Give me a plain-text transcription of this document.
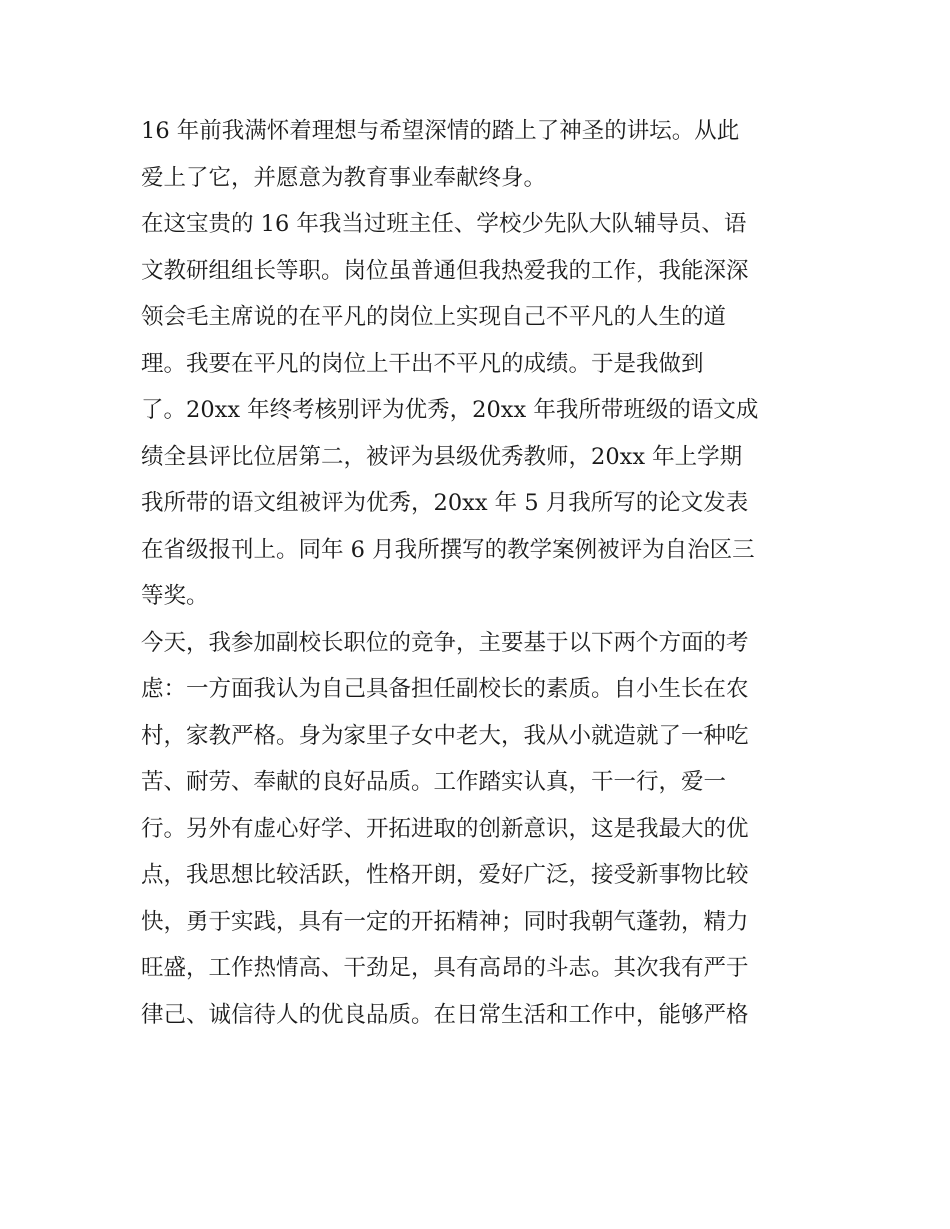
16 年前我满怀着理想与希望深情的踏上了神圣的讲坛。从此
爱上了它，并愿意为教育事业奉献终身。
在这宝贵的 16 年我当过班主任、学校少先队大队辅导员、语
文教研组组长等职。岗位虽普通但我热爱我的工作，我能深深
领会毛主席说的在平凡的岗位上实现自己不平凡的人生的道
理。我要在平凡的岗位上干出不平凡的成绩。于是我做到
了。20xx 年终考核别评为优秀，20xx 年我所带班级的语文成
绩全县评比位居第二，被评为县级优秀教师，20xx 年上学期
我所带的语文组被评为优秀，20xx 年 5 月我所写的论文发表
在省级报刊上。同年 6 月我所撰写的教学案例被评为自治区三
等奖。
今天，我参加副校长职位的竞争，主要基于以下两个方面的考
虑：一方面我认为自己具备担任副校长的素质。自小生长在农
村，家教严格。身为家里子女中老大，我从小就造就了一种吃
苦、耐劳、奉献的良好品质。工作踏实认真，干一行，爱一
行。另外有虚心好学、开拓进取的创新意识，这是我最大的优
点，我思想比较活跃，性格开朗，爱好广泛，接受新事物比较
快，勇于实践，具有一定的开拓精神；同时我朝气蓬勃，精力
旺盛，工作热情高、干劲足，具有高昂的斗志。其次我有严于
律己、诚信待人的优良品质。在日常生活和工作中，能够严格
